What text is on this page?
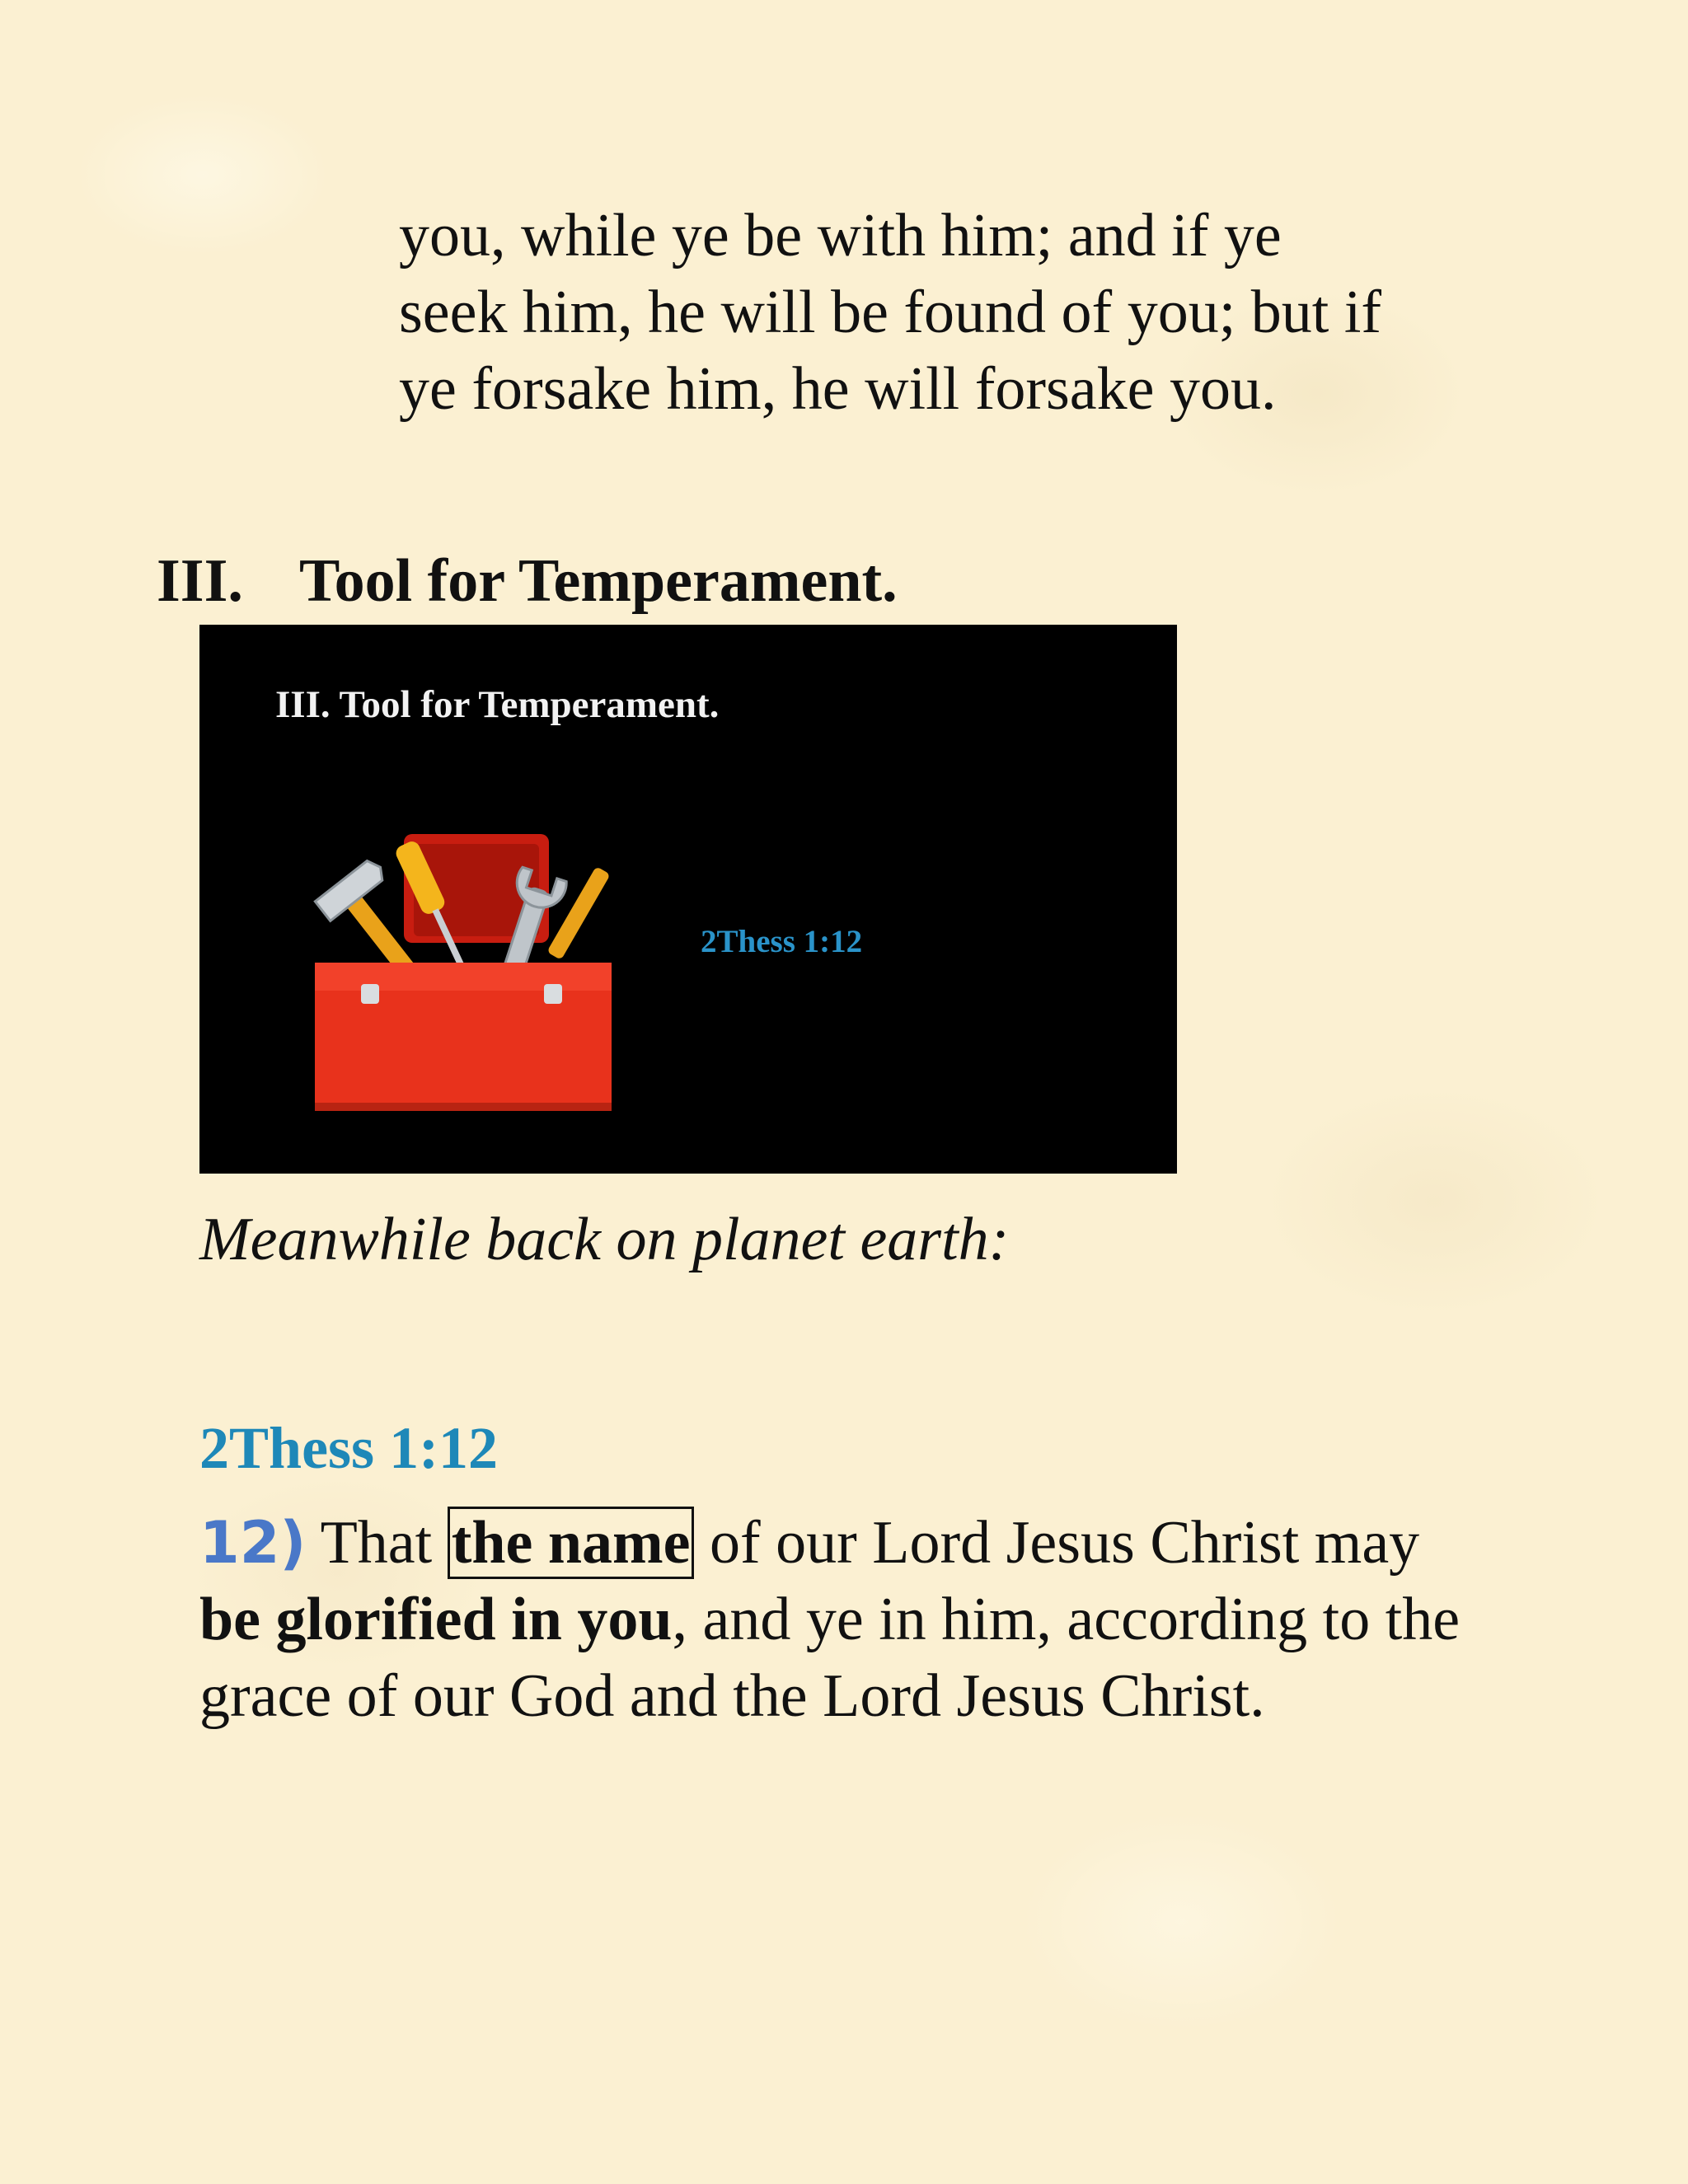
you, while ye be with him; and if ye
seek him, he will be found of you; but if
ye forsake him, he will forsake you.
III. Tool for Temperament.
III. Tool for Temperament.
2Thess 1:12
Meanwhile back on planet earth:
2Thess 1:12
12) That the name of our Lord Jesus Christ may be glorified in you, and ye in him, according to the grace of our God and the Lord Jesus Christ.
